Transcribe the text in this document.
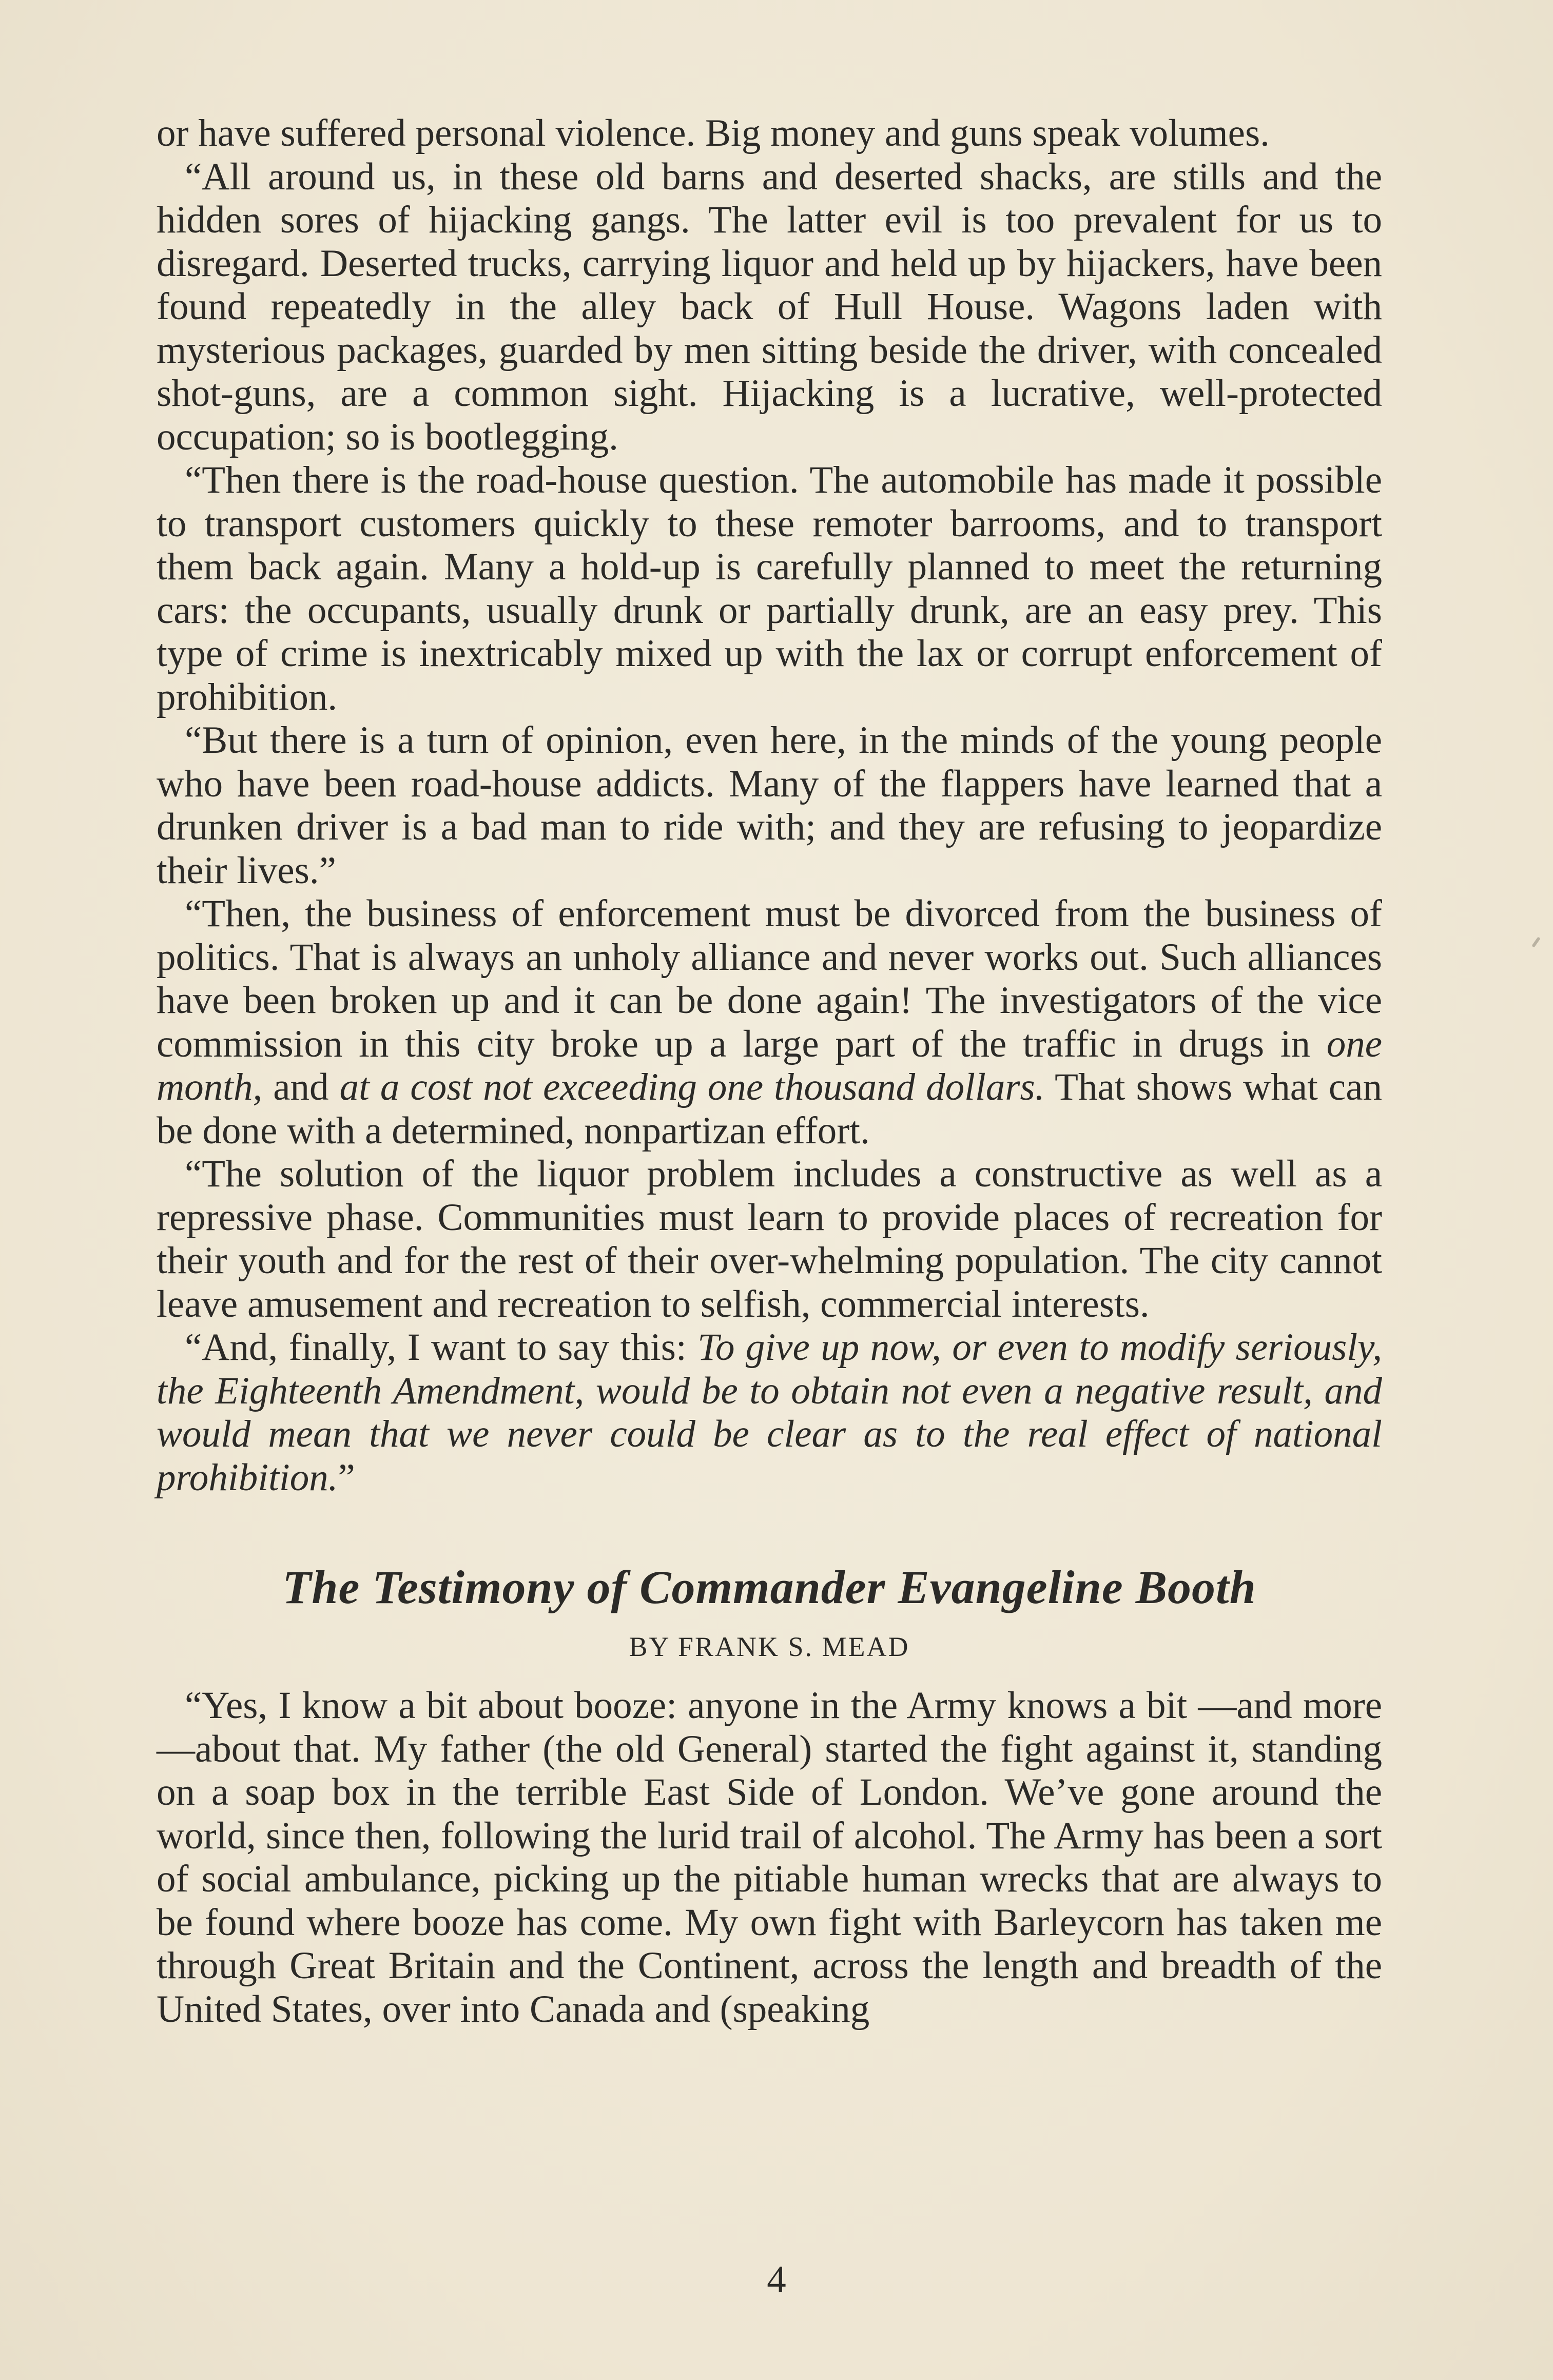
or have suffered personal violence. Big money and guns speak volumes.

“All around us, in these old barns and deserted shacks, are stills and the hidden sores of hijacking gangs. The latter evil is too prevalent for us to disregard. Deserted trucks, carrying liquor and held up by hijackers, have been found repeatedly in the alley back of Hull House. Wagons laden with mysterious packages, guarded by men sitting beside the driver, with concealed shot-guns, are a common sight. Hijacking is a lucrative, well-protected occupation; so is bootlegging.

“Then there is the road-house question. The automobile has made it possible to transport customers quickly to these remoter barrooms, and to transport them back again. Many a hold-up is carefully planned to meet the returning cars: the occupants, usually drunk or partially drunk, are an easy prey. This type of crime is inextricably mixed up with the lax or corrupt enforcement of prohibition.

“But there is a turn of opinion, even here, in the minds of the young people who have been road-house addicts. Many of the flappers have learned that a drunken driver is a bad man to ride with; and they are refusing to jeopardize their lives.”

“Then, the business of enforcement must be divorced from the business of politics. That is always an unholy alliance and never works out. Such alliances have been broken up and it can be done again! The investigators of the vice commission in this city broke up a large part of the traffic in drugs in one month, and at a cost not exceeding one thousand dollars. That shows what can be done with a determined, nonpartizan effort.

“The solution of the liquor problem includes a constructive as well as a repressive phase. Communities must learn to provide places of recreation for their youth and for the rest of their over-whelming population. The city cannot leave amusement and recreation to selfish, commercial interests.

“And, finally, I want to say this: To give up now, or even to modify seriously, the Eighteenth Amendment, would be to obtain not even a negative result, and would mean that we never could be clear as to the real effect of national prohibition.”

The Testimony of Commander Evangeline Booth
BY FRANK S. MEAD

“Yes, I know a bit about booze: anyone in the Army knows a bit —and more—about that. My father (the old General) started the fight against it, standing on a soap box in the terrible East Side of London. We’ve gone around the world, since then, following the lurid trail of alcohol. The Army has been a sort of social ambulance, picking up the pitiable human wrecks that are always to be found where booze has come. My own fight with Barleycorn has taken me through Great Britain and the Continent, across the length and breadth of the United States, over into Canada and (speaking

4
